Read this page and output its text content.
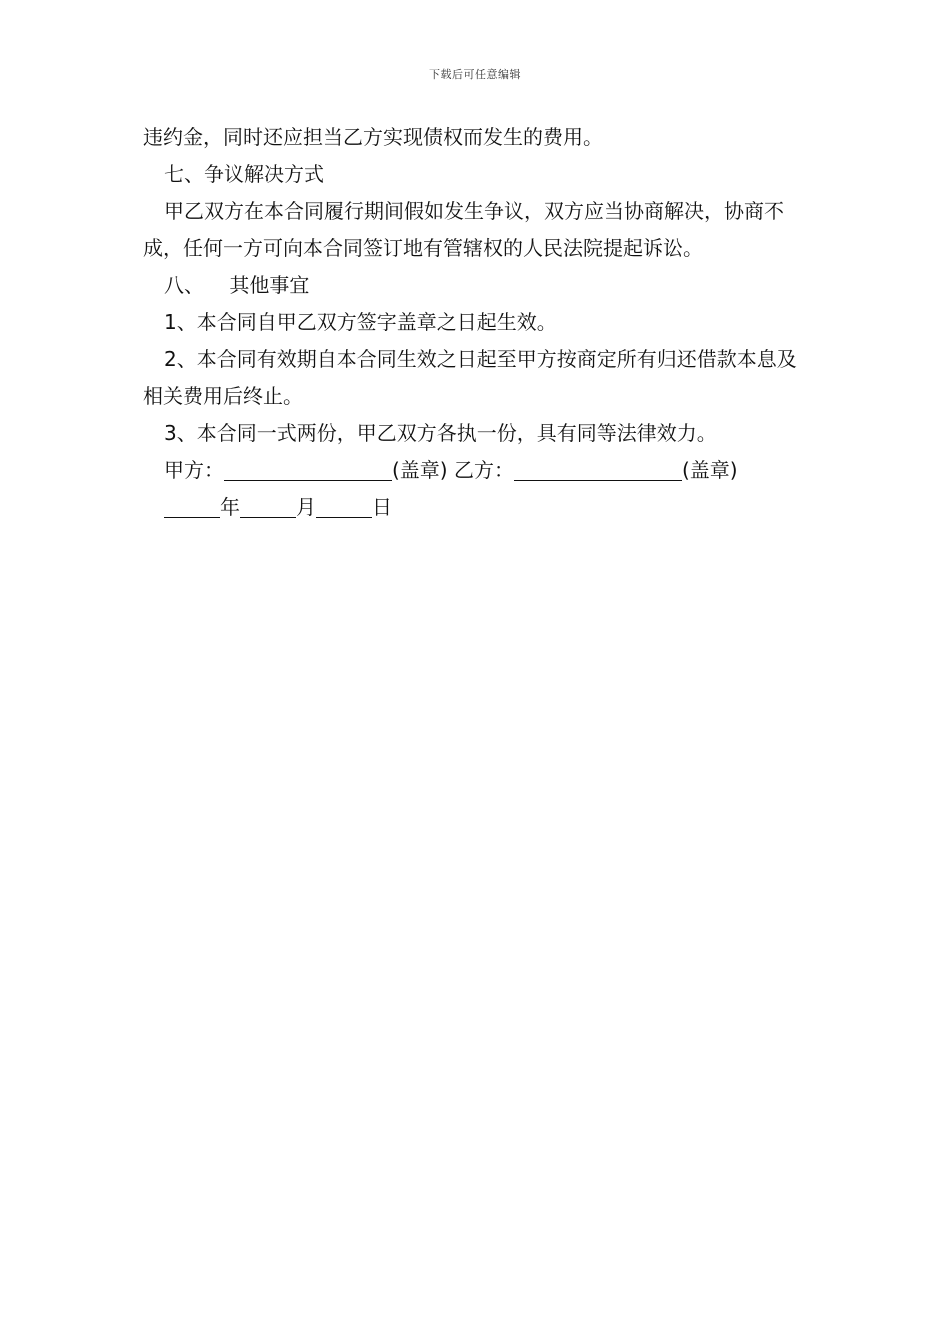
下载后可任意编辑

违约金，同时还应担当乙方实现债权而发生的费用。

七、争议解决方式

甲乙双方在本合同履行期间假如发生争议，双方应当协商解决，协商不成，任何一方可向本合同签订地有管辖权的人民法院提起诉讼。

八、    其他事宜

1、本合同自甲乙双方签字盖章之日起生效。

2、本合同有效期自本合同生效之日起至甲方按商定所有归还借款本息及相关费用后终止。

3、本合同一式两份，甲乙双方各执一份，具有同等法律效力。

甲方：	(盖章) 乙方：	(盖章)

年	月	日
